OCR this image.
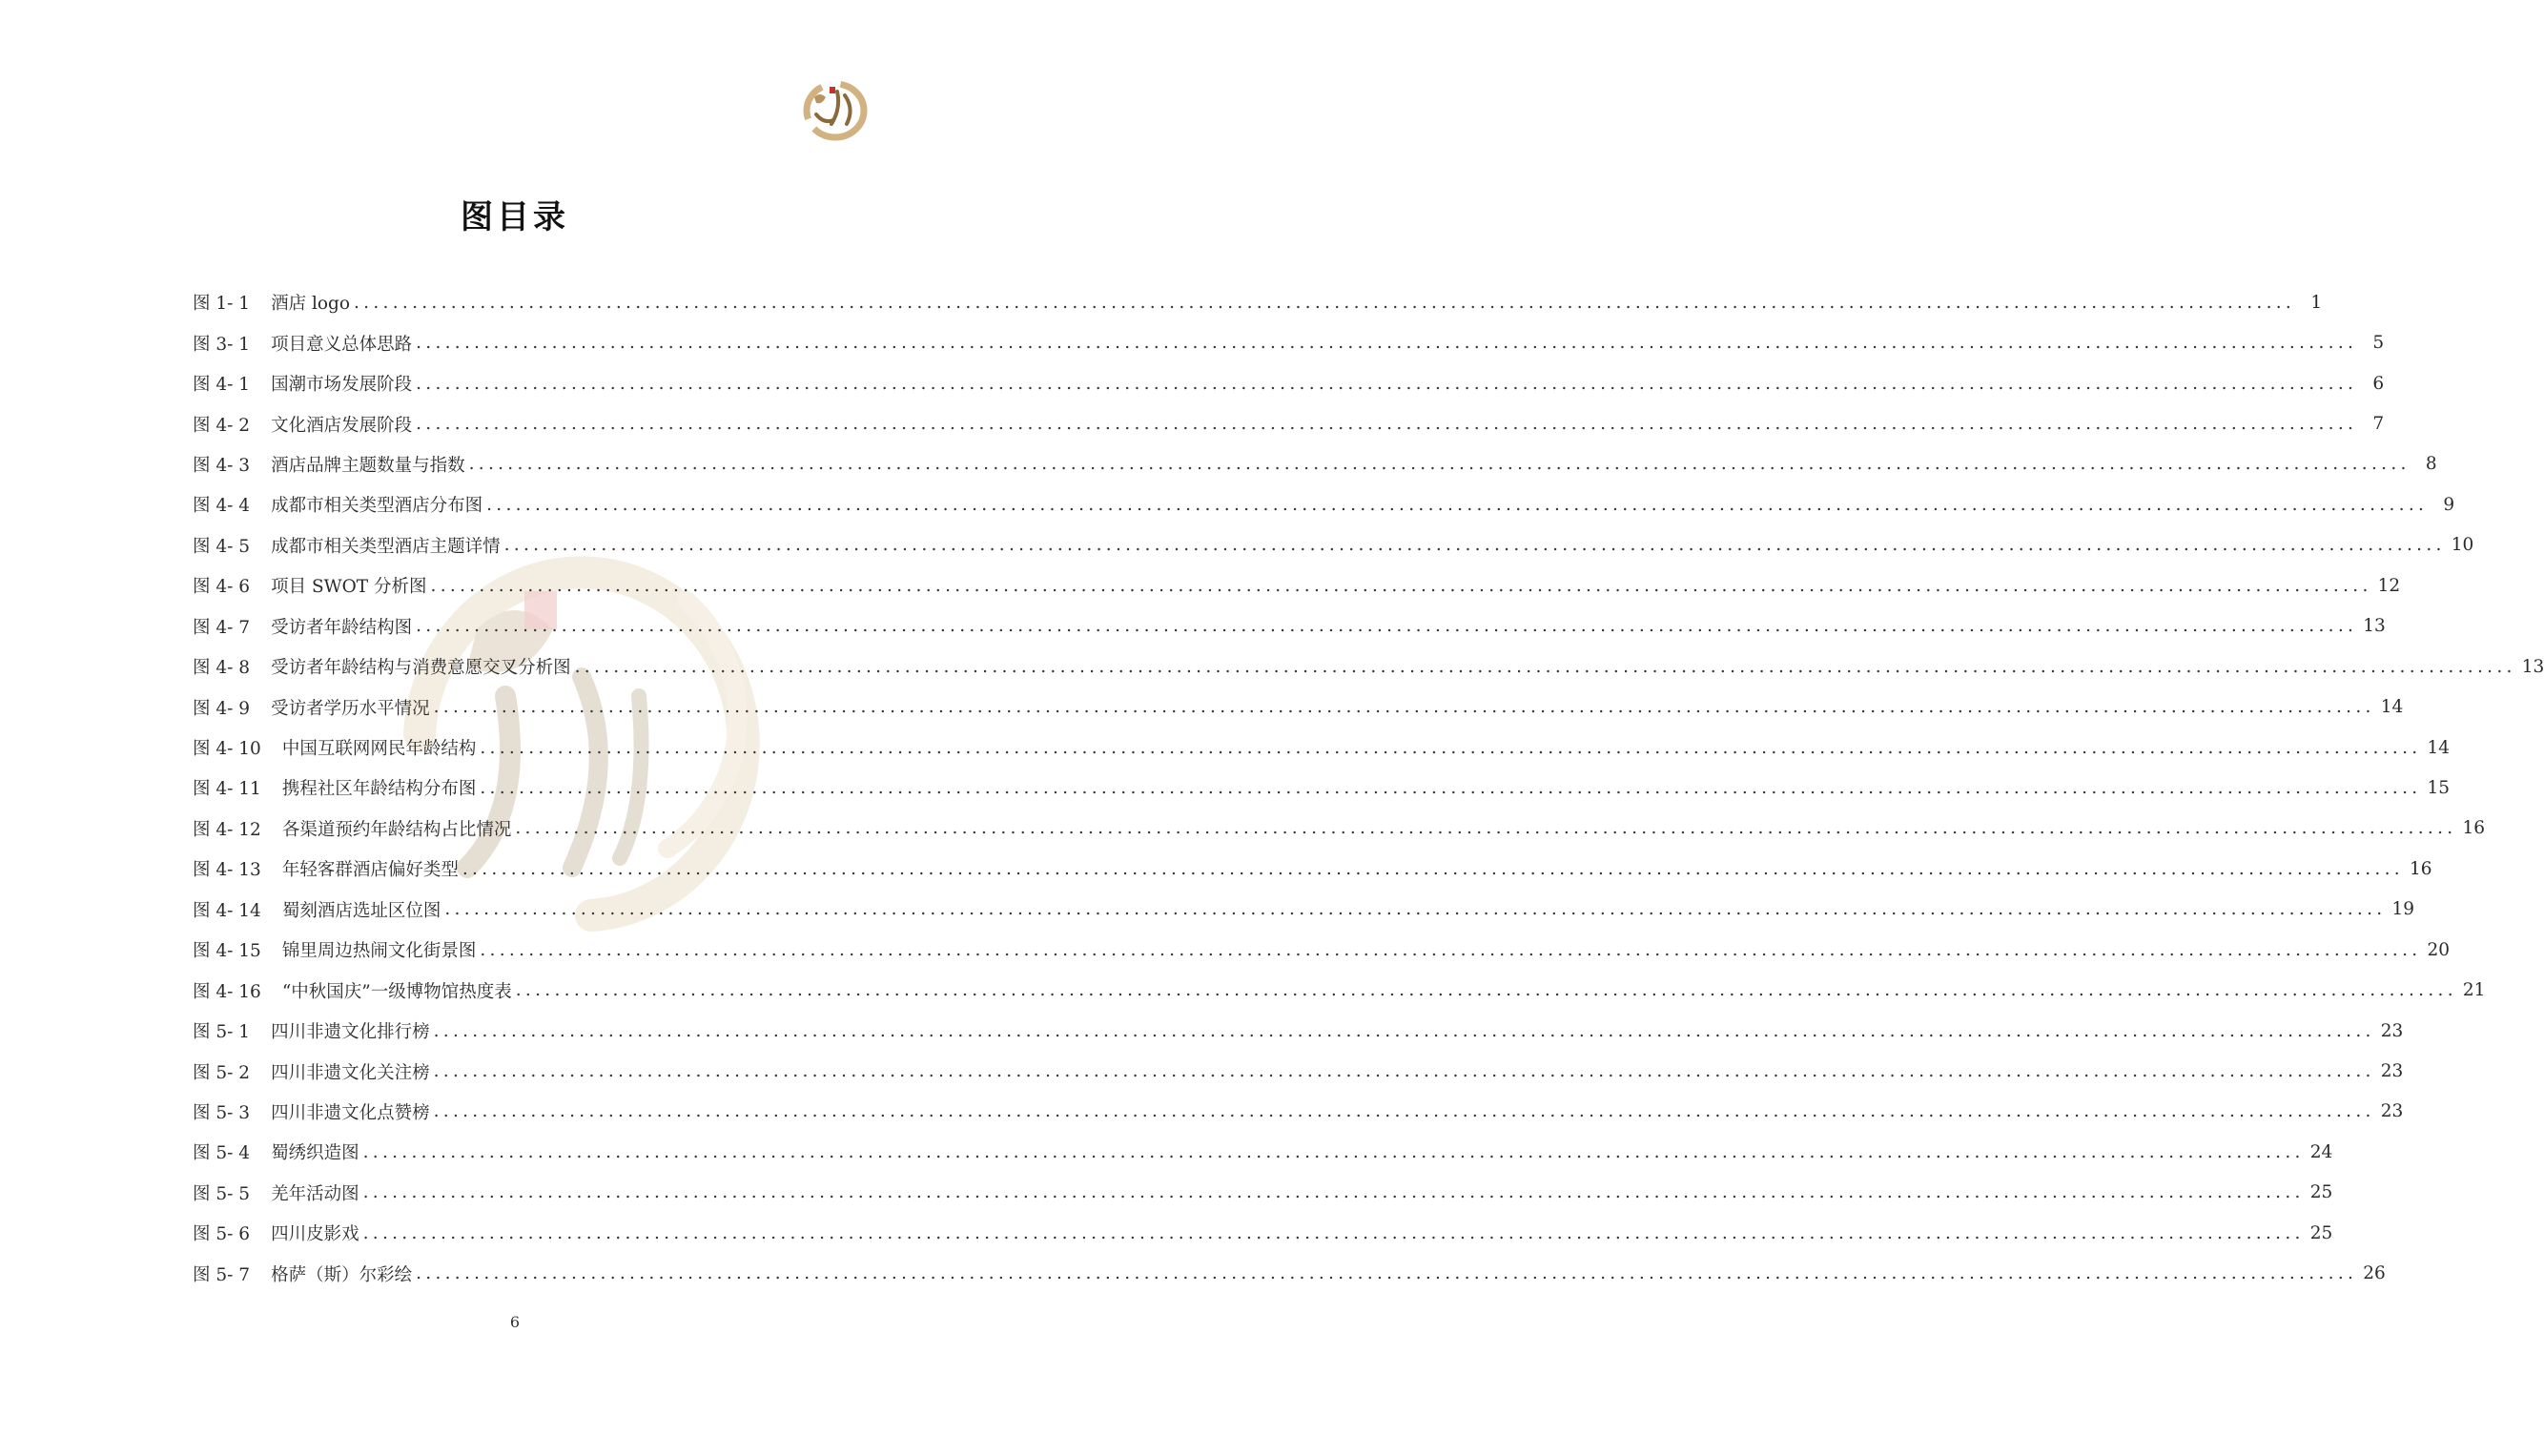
图目录
图 1- 1	酒店 logo ........................................................................................................................................................................................................ 1
图 3- 1	项目意义总体思路 ........................................................................................................................................................................................................ 5
图 4- 1	国潮市场发展阶段 ........................................................................................................................................................................................................ 6
图 4- 2	文化酒店发展阶段 ........................................................................................................................................................................................................ 7
图 4- 3	酒店品牌主题数量与指数 ........................................................................................................................................................................................................ 8
图 4- 4	成都市相关类型酒店分布图 ........................................................................................................................................................................................................ 9
图 4- 5	成都市相关类型酒店主题详情 ........................................................................................................................................................................................................ 10
图 4- 6	项目 SWOT 分析图 ........................................................................................................................................................................................................ 12
图 4- 7	受访者年龄结构图 ........................................................................................................................................................................................................ 13
图 4- 8	受访者年龄结构与消费意愿交叉分析图 ........................................................................................................................................................................................................ 13
图 4- 9	受访者学历水平情况 ........................................................................................................................................................................................................ 14
图 4- 10	中国互联网网民年龄结构 ........................................................................................................................................................................................................ 14
图 4- 11	携程社区年龄结构分布图 ........................................................................................................................................................................................................ 15
图 4- 12	各渠道预约年龄结构占比情况 ........................................................................................................................................................................................................ 16
图 4- 13	年轻客群酒店偏好类型 ........................................................................................................................................................................................................ 16
图 4- 14	蜀刻酒店选址区位图 ........................................................................................................................................................................................................ 19
图 4- 15	锦里周边热闹文化街景图 ........................................................................................................................................................................................................ 20
图 4- 16	“中秋国庆”一级博物馆热度表 ........................................................................................................................................................................................................ 21
图 5- 1	四川非遗文化排行榜 ........................................................................................................................................................................................................ 23
图 5- 2	四川非遗文化关注榜 ........................................................................................................................................................................................................ 23
图 5- 3	四川非遗文化点赞榜 ........................................................................................................................................................................................................ 23
图 5- 4	蜀绣织造图 ........................................................................................................................................................................................................ 24
图 5- 5	羌年活动图 ........................................................................................................................................................................................................ 25
图 5- 6	四川皮影戏 ........................................................................................................................................................................................................ 25
图 5- 7	格萨（斯）尔彩绘 ........................................................................................................................................................................................................ 26
6
